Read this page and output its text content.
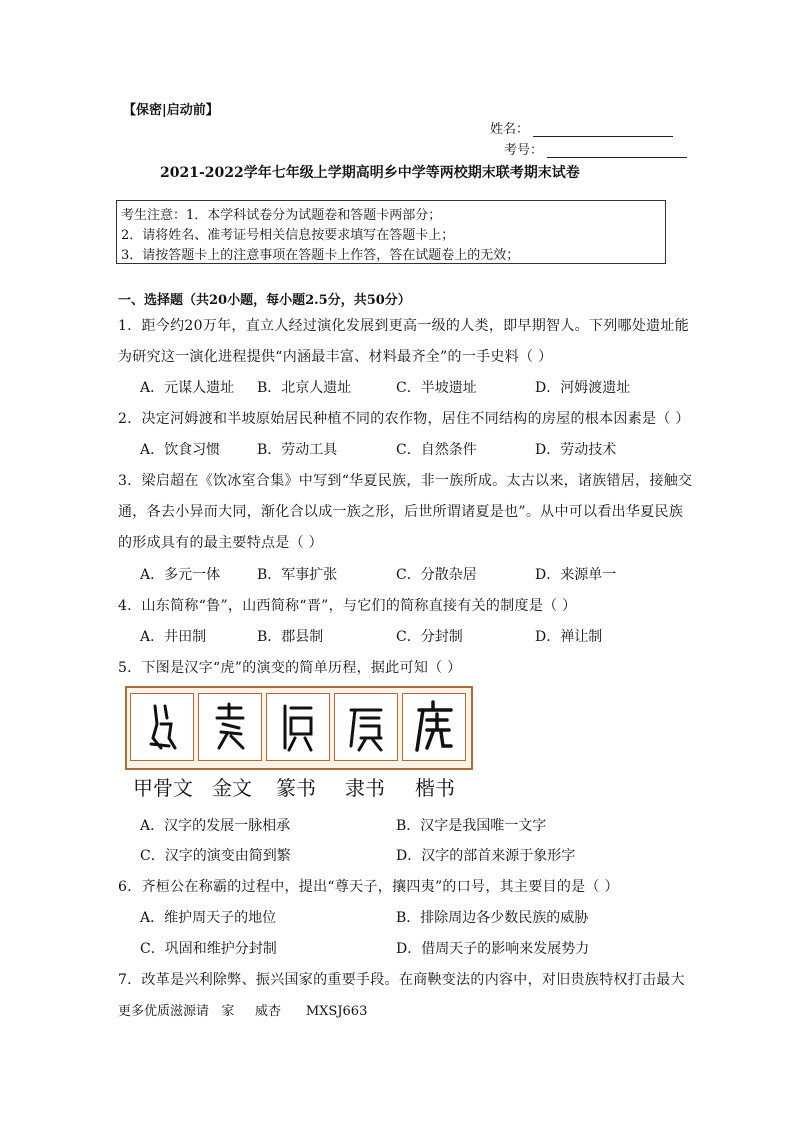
【保密|启动前】
姓名：
考号：
2021-2022学年七年级上学期高明乡中学等两校期末联考期末试卷
考生注意：1．本学科试卷分为试题卷和答题卡两部分；
2．请将姓名、准考证号相关信息按要求填写在答题卡上；
3．请按答题卡上的注意事项在答题卡上作答，答在试题卷上的无效；
一、选择题（共20小题，每小题2.5分，共50分）
1．距今约20万年，直立人经过演化发展到更高一级的人类，即早期智人。下列哪处遗址能
为研究这一演化进程提供“内涵最丰富、材料最齐全”的一手史料（ ）
A．元谋人遗址 B．北京人遗址	C．半坡遗址	D．河姆渡遗址
2．决定河姆渡和半坡原始居民种植不同的农作物，居住不同结构的房屋的根本因素是（ ）
A．饮食习惯	B．劳动工具	C．自然条件	D．劳动技术
3．梁启超在《饮冰室合集》中写到“华夏民族，非一族所成。太古以来，诸族错居，接触交
通，各去小异而大同，渐化合以成一族之形，后世所谓诸夏是也”。从中可以看出华夏民族
的形成具有的最主要特点是（ ）
A．多元一体	B．军事扩张	C．分散杂居	D．来源单一
4．山东简称“鲁”，山西简称“晋”，与它们的简称直接有关的制度是（ ）
A．井田制	B．郡县制	C．分封制	D．禅让制
5．下图是汉字“虎”的演变的简单历程，据此可知（ ）
甲骨文 金文 篆书 隶书 楷书
A．汉字的发展一脉相承	B．汉字是我国唯一文字
C．汉字的演变由简到繁	D．汉字的部首来源于象形字
6．齐桓公在称霸的过程中，提出“尊天子，攘四夷”的口号，其主要目的是（ ）
A．维护周天子的地位	B．排除周边各少数民族的威胁
C．巩固和维护分封制	D．借周天子的影响来发展势力
7．改革是兴利除弊、振兴国家的重要手段。在商鞅变法的内容中，对旧贵族特权打击最大
更多优质滋源请   家     威杏      MXSJ663
